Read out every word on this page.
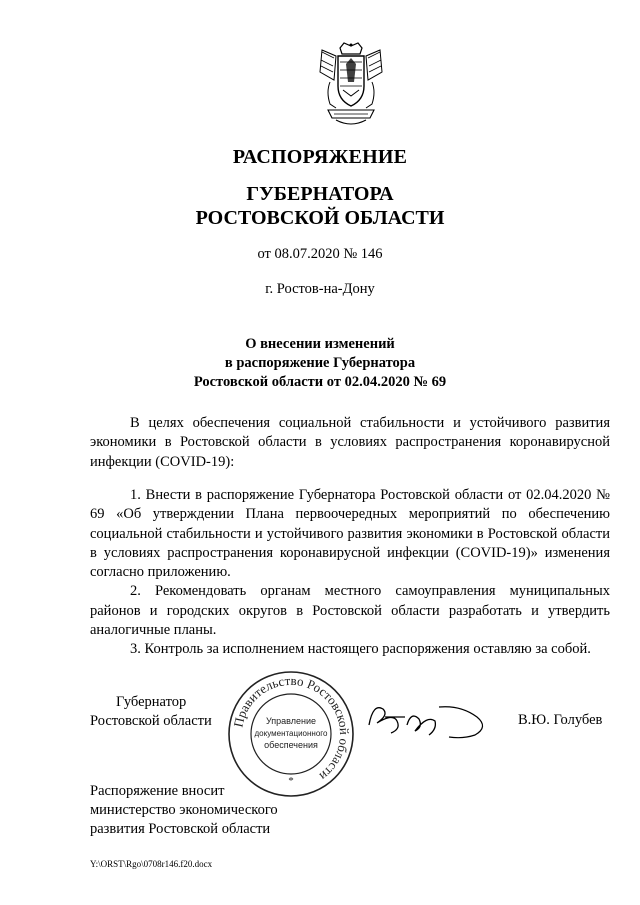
РАСПОРЯЖЕНИЕ
ГУБЕРНАТОРА
РОСТОВСКОЙ ОБЛАСТИ
от 08.07.2020 № 146
г. Ростов-на-Дону
О внесении изменений
в распоряжение Губернатора
Ростовской области от 02.04.2020 № 69

В целях обеспечения социальной стабильности и устойчивого развития экономики в Ростовской области в условиях распространения коронавирусной инфекции (COVID-19):

1. Внести в распоряжение Губернатора Ростовской области от 02.04.2020 № 69 «Об утверждении Плана первоочередных мероприятий по обеспечению социальной стабильности и устойчивого развития экономики в Ростовской области в условиях распространения коронавирусной инфекции (COVID-19)» изменения согласно приложению.

2. Рекомендовать органам местного самоуправления муниципальных районов и городских округов в Ростовской области разработать и утвердить аналогичные планы.

3. Контроль за исполнением настоящего распоряжения оставляю за собой.

Губернатор
Ростовской области Правительство Ростовской области
Управление
документационного
обеспечения
*
В.Ю. Голубев
Распоряжение вносит
министерство экономического
развития Ростовской области
Y:\ORST\Rgo\0708r146.f20.docx
